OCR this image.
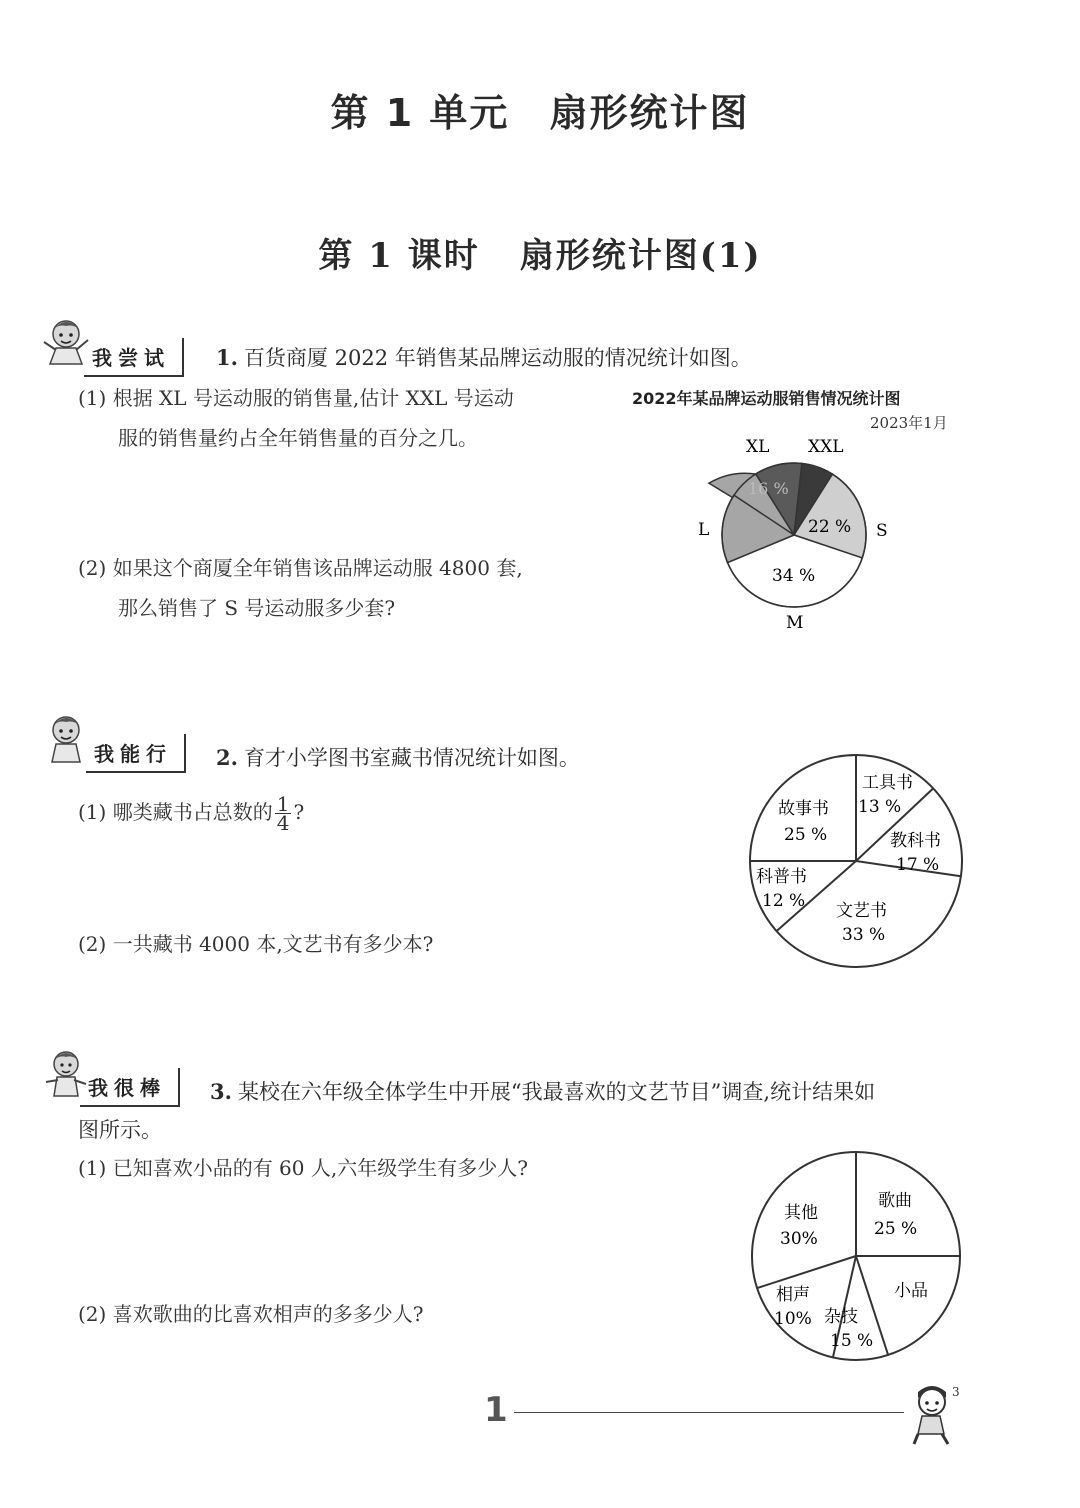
第 1 单元 扇形统计图
第 1 课时 扇形统计图(1)
我尝试 1. 百货商厦 2022 年销售某品牌运动服的情况统计如图。
(1) 根据 XL 号运动服的销售量,估计 XXL 号运动
服的销售量约占全年销售量的百分之几。
(2) 如果这个商厦全年销售该品牌运动服 4800 套,
那么销售了 S 号运动服多少套?
2022年某品牌运动服销售情况统计图
2023年1月
XL XXL
S
M
L
16 %
22 %
34 %
我能行 2. 育才小学图书室藏书情况统计如图。
(1) 哪类藏书占总数的 $\frac{1}{4}$ ?
(2) 一共藏书 4000 本,文艺书有多少本?
工具书
13 %
教科书
17 %
文艺书
33 %
科普书
12 %
故事书
25 %
我很棒 3. 某校在六年级全体学生中开展“我最喜欢的文艺节目”调查,统计结果如
图所示。
(1) 已知喜欢小品的有 60 人,六年级学生有多少人?
(2) 喜欢歌曲的比喜欢相声的多多少人?
歌曲
25 %
小品
杂技
15 %
相声
10%
其他
30%
1	3
